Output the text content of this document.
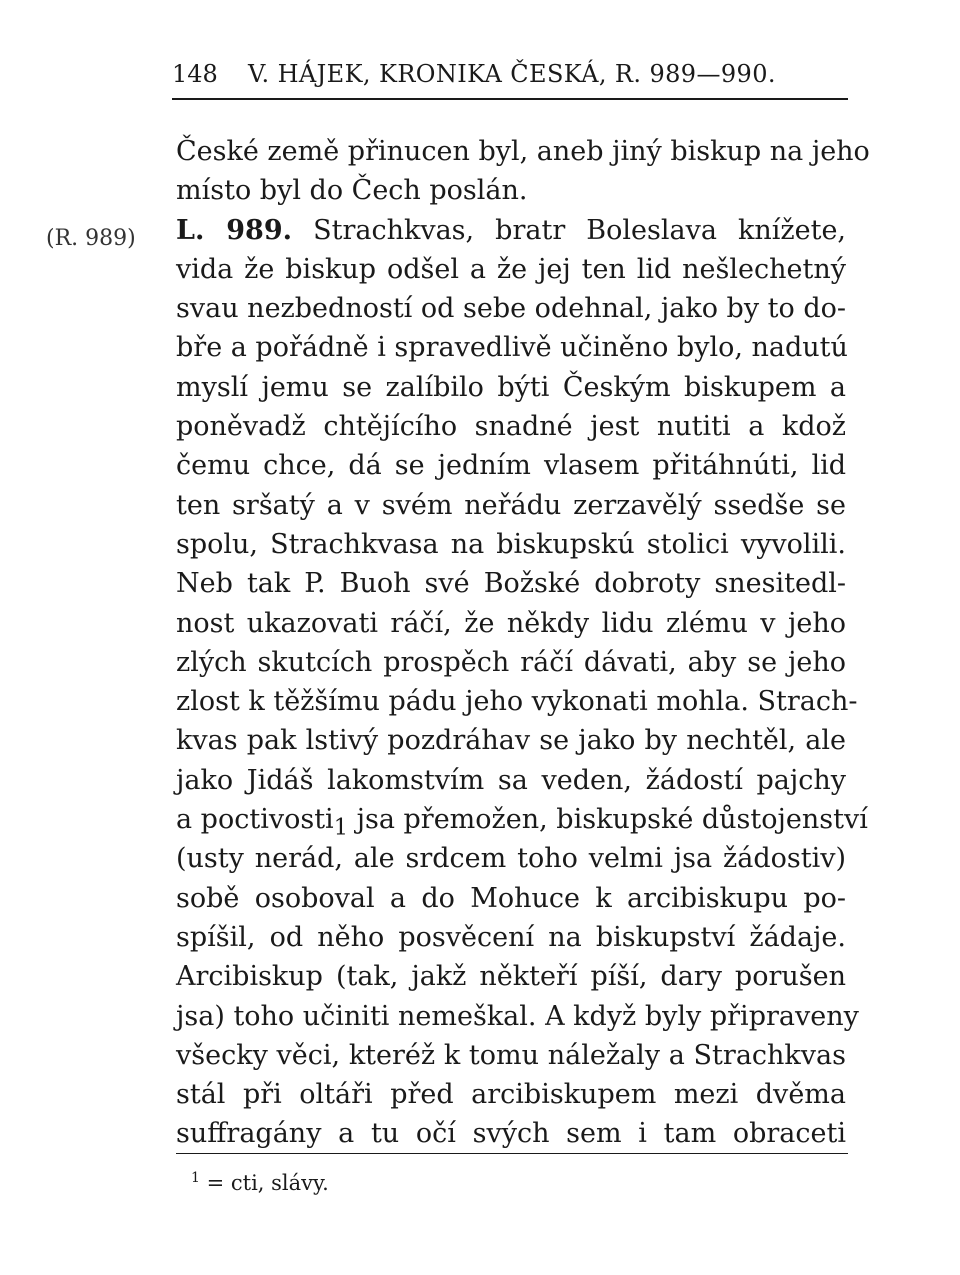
148 V. HÁJEK, KRONIKA ČESKÁ, R. 989—990.
(R. 989)
České země přinucen byl, aneb jiný biskup na jeho
místo byl do Čech poslán.
L. 989. Strachkvas, bratr Boleslava knížete,
vida že biskup odšel a že jej ten lid nešlechetný
svau nezbedností od sebe odehnal, jako by to do-
bře a pořádně i spravedlivě učiněno bylo, nadutú
myslí jemu se zalíbilo býti Českým biskupem a
poněvadž chtějícího snadné jest nutiti a kdož
čemu chce, dá se jedním vlasem přitáhnúti, lid
ten sršatý a v svém neřádu zerzavělý ssedše se
spolu, Strachkvasa na biskupskú stolici vyvolili.
Neb tak P. Buoh své Božské dobroty snesitedl-
nost ukazovati ráčí, že někdy lidu zlému v jeho
zlých skutcích prospěch ráčí dávati, aby se jeho
zlost k těžšímu pádu jeho vykonati mohla. Strach-
kvas pak lstivý pozdráhav se jako by nechtěl, ale
jako Jidáš lakomstvím sa veden, žádostí pajchy
a poctivosti$_1$ jsa přemožen, biskupské důstojenství
(usty nerád, ale srdcem toho velmi jsa žádostiv)
sobě osoboval a do Mohuce k arcibiskupu po-
spíšil, od něho posvěcení na biskupství žádaje.
Arcibiskup (tak, jakž někteří píší, dary porušen
jsa) toho učiniti nemeškal. A když byly připraveny
všecky věci, kteréž k tomu náležaly a Strachkvas
stál při oltáři před arcibiskupem mezi dvěma
suffragány a tu očí svých sem i tam obraceti
$^1$ = cti, slávy.
